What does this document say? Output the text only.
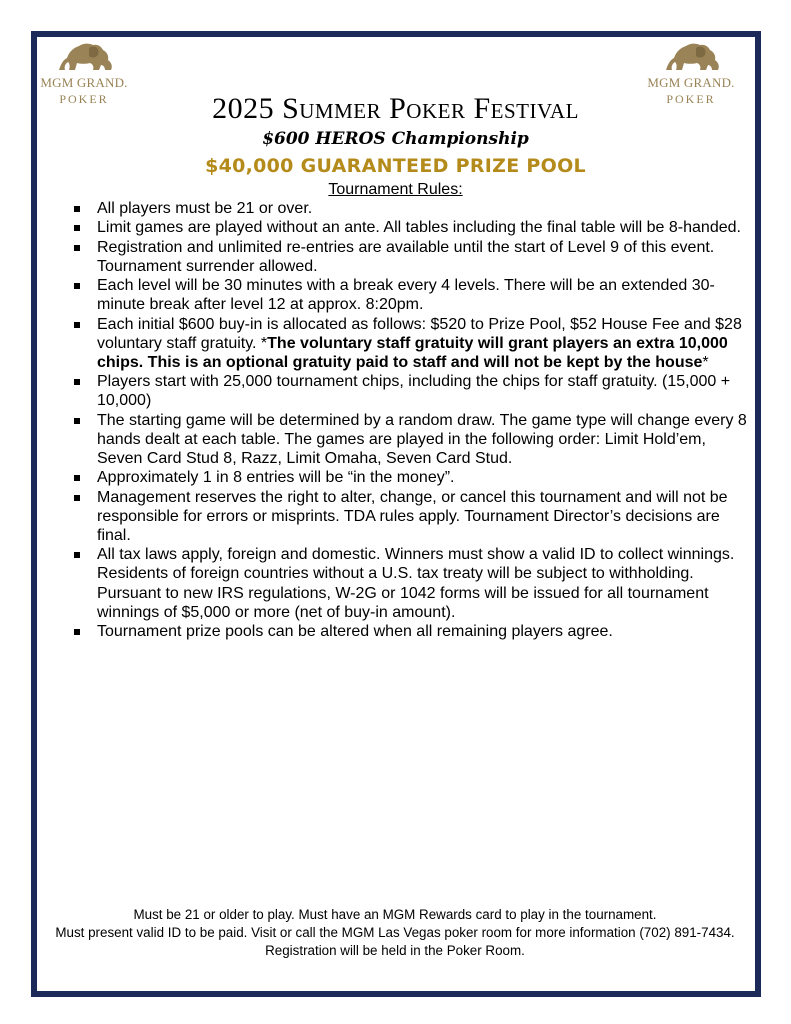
MGM GRAND.
POKER
MGM GRAND.
POKER
2025 Summer Poker Festival
$600 HEROS Championship
$40,000 GUARANTEED PRIZE POOL
Tournament Rules:
All players must be 21 or over.
Limit games are played without an ante. All tables including the final table will be 8-handed.
Registration and unlimited re-entries are available until the start of Level 9 of this event. Tournament surrender allowed.
Each level will be 30 minutes with a break every 4 levels. There will be an extended 30-minute break after level 12 at approx. 8:20pm.
Each initial $600 buy-in is allocated as follows: $520 to Prize Pool, $52 House Fee and $28 voluntary staff gratuity. *The voluntary staff gratuity will grant players an extra 10,000 chips. This is an optional gratuity paid to staff and will not be kept by the house*
Players start with 25,000 tournament chips, including the chips for staff gratuity. (15,000 + 10,000)
The starting game will be determined by a random draw. The game type will change every 8 hands dealt at each table. The games are played in the following order: Limit Hold’em, Seven Card Stud 8, Razz, Limit Omaha, Seven Card Stud.
Approximately 1 in 8 entries will be “in the money”.
Management reserves the right to alter, change, or cancel this tournament and will not be responsible for errors or misprints. TDA rules apply. Tournament Director’s decisions are final.
All tax laws apply, foreign and domestic. Winners must show a valid ID to collect winnings. Residents of foreign countries without a U.S. tax treaty will be subject to withholding. Pursuant to new IRS regulations, W-2G or 1042 forms will be issued for all tournament winnings of $5,000 or more (net of buy-in amount).
Tournament prize pools can be altered when all remaining players agree.
Must be 21 or older to play. Must have an MGM Rewards card to play in the tournament.
Must present valid ID to be paid. Visit or call the MGM Las Vegas poker room for more information (702) 891-7434. Registration will be held in the Poker Room.
